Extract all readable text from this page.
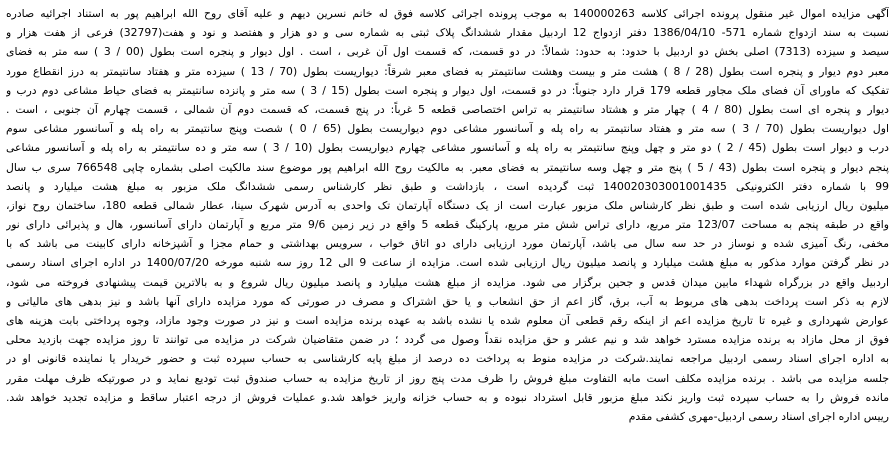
آگهی مزایده اموال غیر منقول پرونده اجرائی کلاسه 140000263 به موجب پرونده اجرائی کلاسه فوق له خانم نسرین دیهم و علیه آقای روح الله ابراهیم پور به استناد اجرائیه صادره
نسبت به سند ازدواج شماره 571- 1386/04/10 دفتر ازدواج 12 اردبیل مقدار ششدانگ پلاک ثبتی به شماره سی و دو هزار و هفتصد و نود و هفت(32797) فرعی از هفت هزار و
سیصد و سیزده (7313) اصلی بخش دو اردبیل با حدود: به حدود: شمالاً: در دو قسمت، که قسمت اول آن غربی ، است . اول دیوار و پنجره است بطول (00 / 3 ) سه متر به فضای
معبر دوم دیوار و پنجره است بطول (28 / 8 ) هشت متر و بیست وهشت سانتیمتر به فضای معبر شرقاً: دیواریست بطول (70 / 13 ) سیزده متر و هفتاد سانتیمتر به درز انقطاع مورد
تفکیک که ماورای آن فضای ملک مجاور قطعه 179 قرار دارد جنوباً: در دو قسمت، اول دیوار و پنجره است بطول (15 / 3 ) سه متر و پانزده سانتیمتر به فضای حیاط مشاعی دوم درب و
دیوار و پنجره ای است بطول (80 / 4 ) چهار متر و هشتاد سانتیمتر به تراس اختصاصی قطعه 5 غرباً: در پنج قسمت، که قسمت دوم آن شمالی ، قسمت چهارم آن جنوبی ، است .
اول دیواریست بطول (70 / 3 ) سه متر و هفتاد سانتیمتر به راه پله و آسانسور مشاعی دوم دیواریست بطول (65 / 0 ) شصت وپنج سانتیمتر به راه پله و آسانسور مشاعی سوم
درب و دیوار است بطول (45 / 2 ) دو متر و چهل وپنج سانتیمتر به راه پله و آسانسور مشاعی چهارم دیواریست بطول (10 / 3 ) سه متر و ده سانتیمتر به راه پله و آسانسور مشاعی
پنجم دیوار و پنجره است بطول (43 / 5 ) پنج متر و چهل وسه سانتیمتر به فضای معبر. به مالکیت روح الله ابراهیم پور موضوع سند مالکیت اصلی بشماره چاپی 766548 سری ب سال
99 با شماره دفتر الکترونیکی 140020303001001435 ثبت گردیده است ، بازداشت و طبق نظر کارشناس رسمی ششدانگ ملک مزبور به مبلغ هشت میلیارد و پانصد
میلیون ریال ارزیابی شده است و طبق نظر کارشناس ملک مزبور عبارت است از یک دستگاه آپارتمان تک واحدی به آدرس شهرک سینا، عطار شمالی قطعه 180، ساختمان روح نواز،
واقع در طبقه پنجم به مساحت 123/07 متر مربع، دارای تراس شش متر مربع، پارکینگ قطعه 5 واقع در زیر زمین 9/6 متر مربع و آپارتمان دارای آسانسور، هال و پذیرائی دارای نور
مخفی، رنگ آمیزی شده و نوساز در حد سه سال می باشد، آپارتمان مورد ارزیابی دارای دو اتاق خواب ، سرویس بهداشتی و حمام مجزا و آشپزخانه دارای کابینت می باشد که با
در نظر گرفتن موارد مذکور به مبلغ هشت میلیارد و پانصد میلیون ریال ارزیابی شده است. مزایده از ساعت 9 الی 12 روز سه شنبه مورخه 1400/07/20 در اداره اجرای اسناد رسمی
اردبیل واقع در بزرگراه شهداء مابین میدان قدس و جحین برگزار می شود. مزایده از مبلغ هشت میلیارد و پانصد میلیون ریال شروع و به بالاترین قیمت پیشنهادی فروخته می شود،
لازم به ذکر است پرداخت بدهی های مربوط به آب، برق، گاز اعم از حق انشعاب و یا حق اشتراک و مصرف در صورتی که مورد مزایده دارای آنها باشد و نیز بدهی های مالیاتی و
عوارض شهرداری و غیره تا تاریخ مزایده اعم از اینکه رقم قطعی آن معلوم شده یا نشده باشد به عهده برنده مزایده است و نیز در صورت وجود مازاد، وجوه پرداختی بابت هزینه های
فوق از محل مازاد به برنده مزایده مسترد خواهد شد و نیم عشر و حق مزایده نقداً وصول می گردد ؛ در ضمن متقاضیان شرکت در مزایده می توانند تا روز مزایده جهت بازدید محلی
به اداره اجرای اسناد رسمی اردبیل مراجعه نمایند.شرکت در مزایده منوط به پرداخت ده درصد از مبلغ پایه کارشناسی به حساب سپرده ثبت و حضور خریدار یا نماینده قانونی او در
جلسه مزایده می باشد . برنده مزایده مکلف است مابه التفاوت مبلغ فروش را ظرف مدت پنج روز از تاریخ مزایده به حساب صندوق ثبت تودیع نماید و در صورتیکه ظرف مهلت مقرر
مانده فروش را به حساب سپرده ثبت واریز نکند مبلغ مزبور قابل استرداد نبوده و به حساب خزانه واریز خواهد شد.و عملیات فروش از درجه اعتبار ساقط و مزایده تجدید خواهد شد.
رییس اداره اجرای اسناد رسمی اردبیل-مهری کشفی مقدم
